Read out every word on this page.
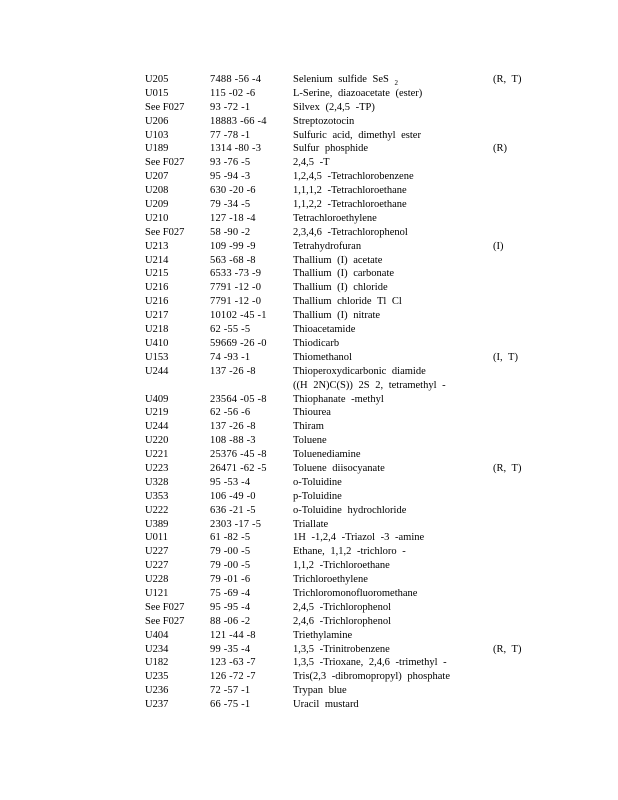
U205	7488 -56 -4	Selenium sulfide SeS $_2$	(R, T)
U015	115 -02 -6	L-Serine, diazoacetate (ester)
See F027 93 -72 -1	Silvex (2,4,5 -TP)
U206	18883 -66 -4	Streptozotocin
U103	77 -78 -1	Sulfuric acid, dimethyl ester
U189	1314 -80 -3	Sulfur phosphide	(R)
See F027 93 -76 -5	2,4,5 -T
U207	95 -94 -3	1,2,4,5 -Tetrachlorobenzene
U208	630 -20 -6	1,1,1,2 -Tetrachloroethane
U209	79 -34 -5	1,1,2,2 -Tetrachloroethane
U210	127 -18 -4	Tetrachloroethylene
See F027 58 -90 -2	2,3,4,6 -Tetrachlorophenol
U213	109 -99 -9	Tetrahydrofuran	(I)
U214	563 -68 -8	Thallium (I) acetate
U215	6533 -73 -9	Thallium (I) carbonate
U216	7791 -12 -0	Thallium (I) chloride
U216	7791 -12 -0	Thallium chloride Tl Cl
U217	10102 -45 -1	Thallium (I) nitrate
U218	62 -55 -5	Thioacetamide
U410	59669 -26 -0	Thiodicarb
U153	74 -93 -1	Thiomethanol	(I, T)
U244	137 -26 -8	Thioperoxydicarbonic diamide
((H 2N)C(S)) 2S 2, tetramethyl -
U409	23564 -05 -8	Thiophanate -methyl
U219	62 -56 -6	Thiourea
U244	137 -26 -8	Thiram
U220	108 -88 -3	Toluene
U221	25376 -45 -8	Toluenediamine
U223	26471 -62 -5	Toluene diisocyanate	(R, T)
U328	95 -53 -4	o-Toluidine
U353	106 -49 -0	p-Toluidine
U222	636 -21 -5	o-Toluidine hydrochloride
U389	2303 -17 -5	Triallate
U011	61 -82 -5	1H -1,2,4 -Triazol -3 -amine
U227	79 -00 -5	Ethane, 1,1,2 -trichloro -
U227	79 -00 -5	1,1,2 -Trichloroethane
U228	79 -01 -6	Trichloroethylene
U121	75 -69 -4	Trichloromonofluoromethane
See F027 95 -95 -4	2,4,5 -Trichlorophenol
See F027 88 -06 -2	2,4,6 -Trichlorophenol
U404	121 -44 -8	Triethylamine
U234	99 -35 -4	1,3,5 -Trinitrobenzene	(R, T)
U182	123 -63 -7	1,3,5 -Trioxane, 2,4,6 -trimethyl -
U235	126 -72 -7	Tris(2,3 -dibromopropyl) phosphate
U236	72 -57 -1	Trypan blue
U237	66 -75 -1	Uracil mustard
